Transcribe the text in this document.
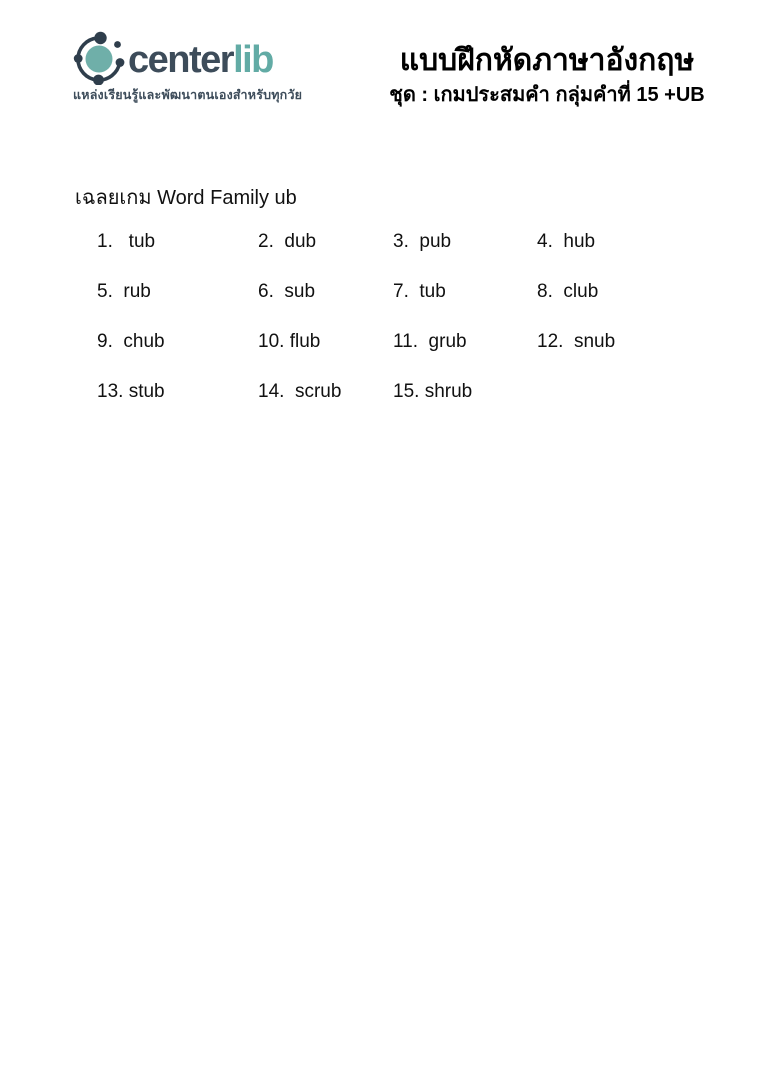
centerlib
แหล่งเรียนรู้และพัฒนาตนเองสำหรับทุกวัย
แบบฝึกหัดภาษาอังกฤษ
ชุด : เกมประสมคำ กลุ่มคำที่ 15 +UB
เฉลยเกม Word Family ub
1.   tub	2.  dub	3.  pub	4.  hub
5.  rub	6.  sub	7.  tub	8.  club
9.  chub	10. flub	11.  grub	12.  snub
13. stub	14.  scrub	15. shrub
